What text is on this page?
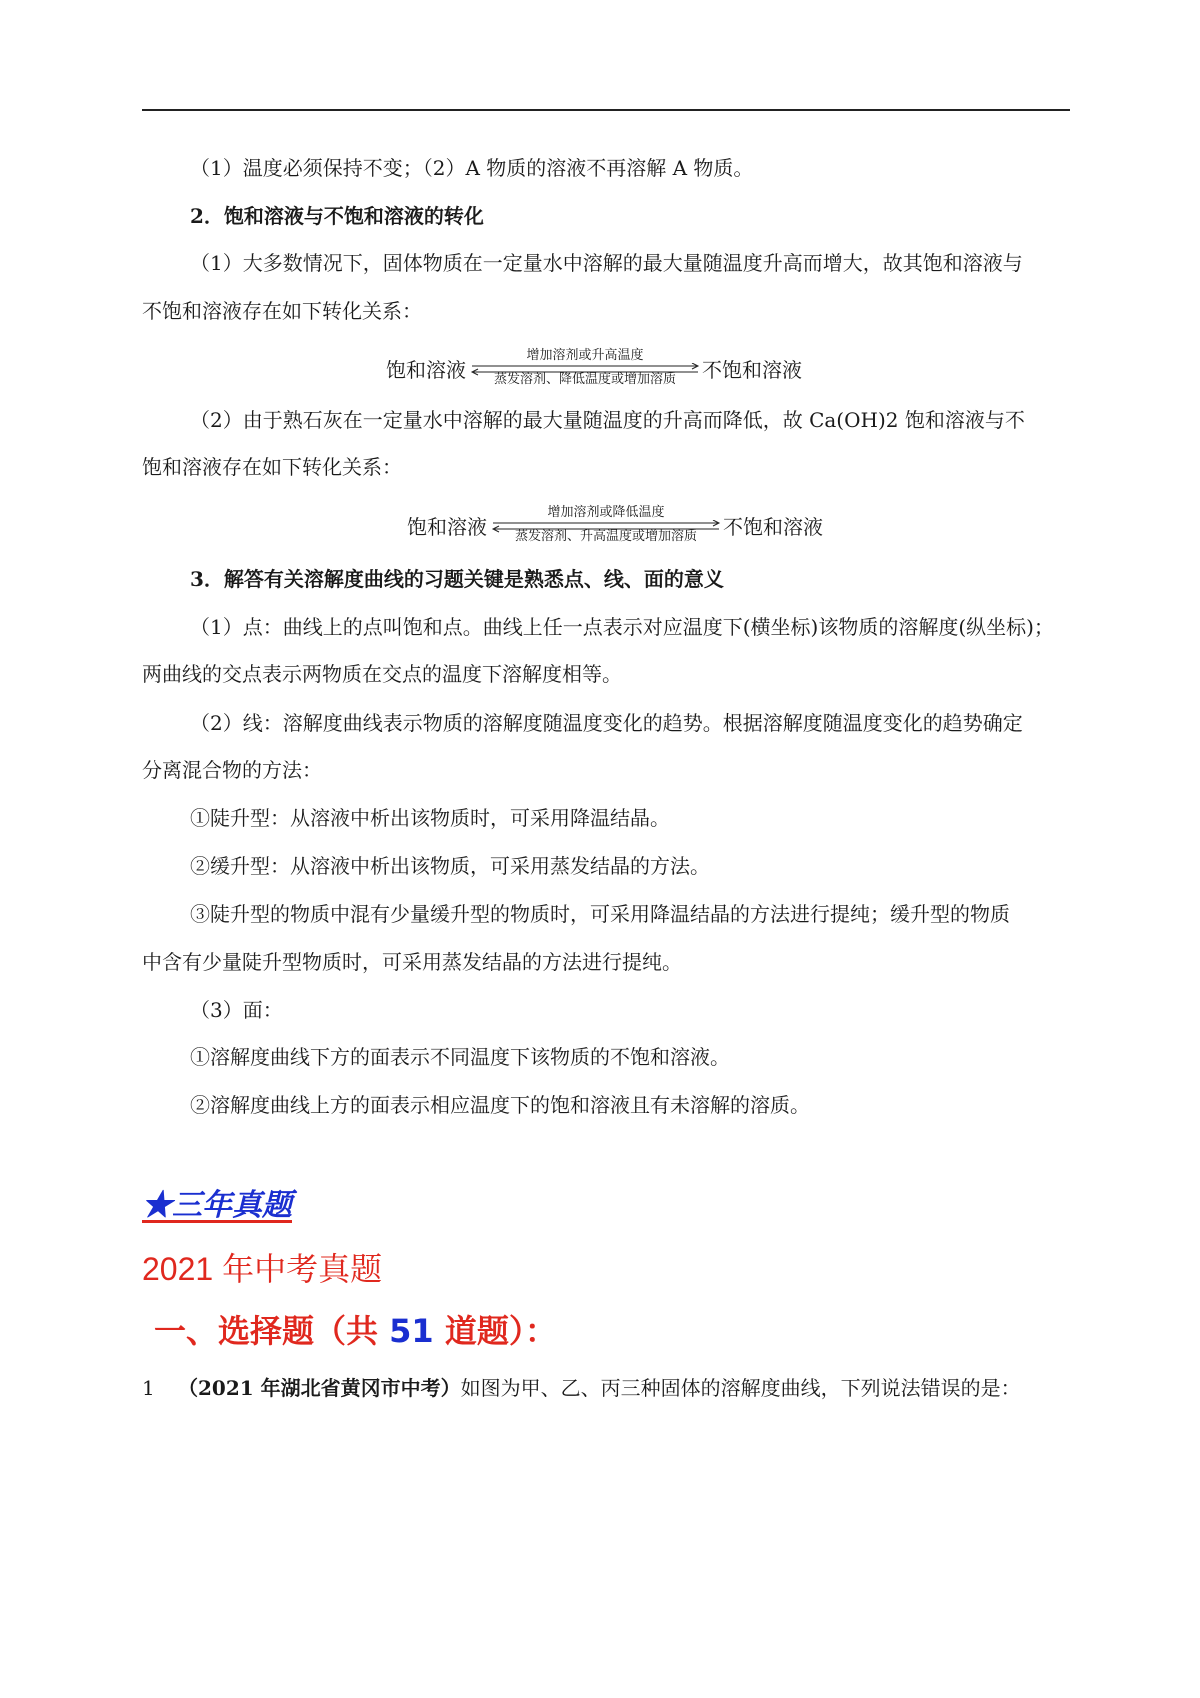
（1）温度必须保持不变；（2）A 物质的溶液不再溶解 A 物质。
2．饱和溶液与不饱和溶液的转化
（1）大多数情况下，固体物质在一定量水中溶解的最大量随温度升高而增大，故其饱和溶液与
不饱和溶液存在如下转化关系：
饱和溶液
增加溶剂或升高温度
蒸发溶剂、降低温度或增加溶质	不饱和溶液
（2）由于熟石灰在一定量水中溶解的最大量随温度的升高而降低，故 Ca(OH)2 饱和溶液与不
饱和溶液存在如下转化关系：
饱和溶液
增加溶剂或降低温度
蒸发溶剂、升高温度或增加溶质	不饱和溶液
3．解答有关溶解度曲线的习题关键是熟悉点、线、面的意义
（1）点：曲线上的点叫饱和点。曲线上任一点表示对应温度下(横坐标)该物质的溶解度(纵坐标)；
两曲线的交点表示两物质在交点的温度下溶解度相等。
（2）线：溶解度曲线表示物质的溶解度随温度变化的趋势。根据溶解度随温度变化的趋势确定
分离混合物的方法：
①陡升型：从溶液中析出该物质时，可采用降温结晶。
②缓升型：从溶液中析出该物质，可采用蒸发结晶的方法。
③陡升型的物质中混有少量缓升型的物质时，可采用降温结晶的方法进行提纯；缓升型的物质
中含有少量陡升型物质时，可采用蒸发结晶的方法进行提纯。
（3）面：
①溶解度曲线下方的面表示不同温度下该物质的不饱和溶液。
②溶解度曲线上方的面表示相应温度下的饱和溶液且有未溶解的溶质。
★三年真题
2021 年中考真题
一、选择题（共 51 道题）：
1 （2021 年湖北省黄冈市中考）如图为甲、乙、丙三种固体的溶解度曲线，下列说法错误的是：
